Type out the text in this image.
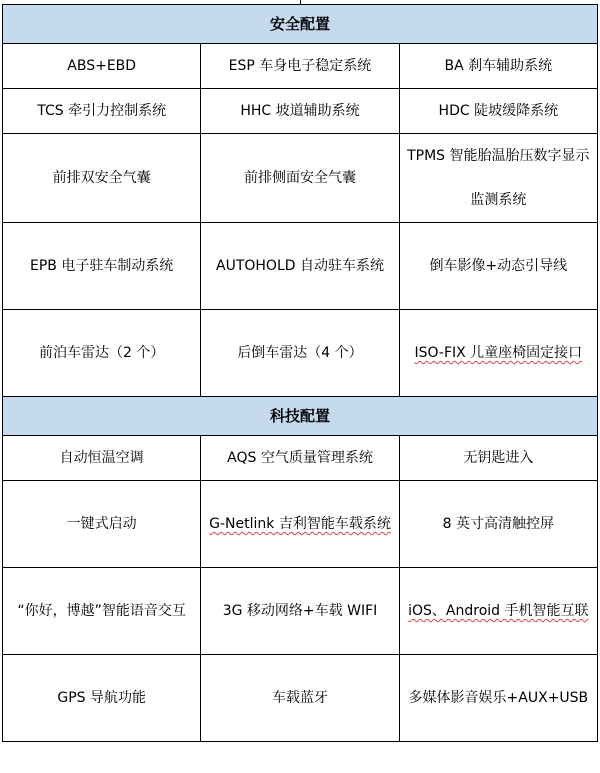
安全配置		
ABS+EBD	ESP 车身电子稳定系统	BA 刹车辅助系统
TCS 牵引力控制系统	HHC 坡道辅助系统	HDC 陡坡缓降系统
前排双安全气囊	前排侧面安全气囊	TPMS 智能胎温胎压数字显示监测系统
EPB 电子驻车制动系统	AUTOHOLD 自动驻车系统	倒车影像+动态引导线
前泊车雷达（2 个）	后倒车雷达（4 个）	ISO-FIX 儿童座椅固定接口
科技配置		
自动恒温空调	AQS 空气质量管理系统	无钥匙进入
一键式启动	G-Netlink 吉利智能车载系统	8 英寸高清触控屏
“你好，博越”智能语音交互	3G 移动网络+车载 WIFI	iOS、Android 手机智能互联
GPS 导航功能	车载蓝牙	多媒体影音娱乐+AUX+USB
